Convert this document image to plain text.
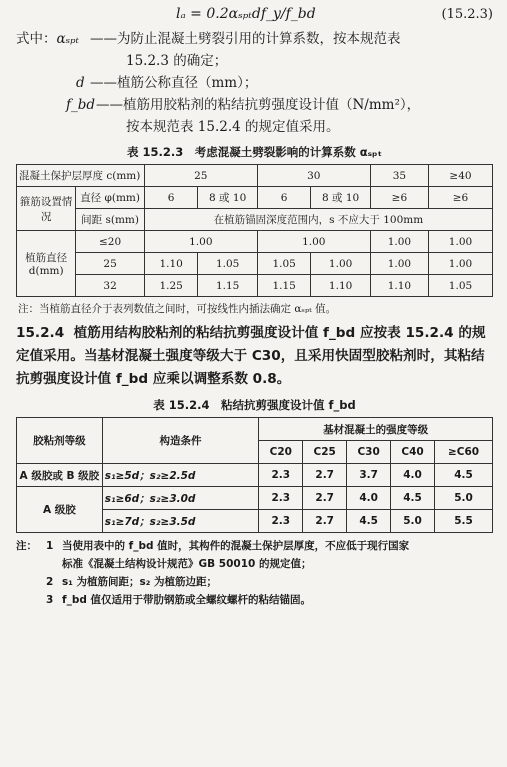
lₐ = 0.2αₛₚₜdf_y/f_bd	(15.2.3)
式中：αₛₚₜ ——为防止混凝土劈裂引用的计算系数，按本规范表
15.2.3 的确定；
d ——植筋公称直径（mm）；
f_bd ——植筋用胶粘剂的粘结抗剪强度设计值（N/mm²），
按本规范表 15.2.4 的规定值采用。
表 15.2.3　考虑混凝土劈裂影响的计算系数 αₛₚₜ
混凝土保护层厚度 c(mm)		25		30		35	≥40
箍筋设置情况	直径 φ(mm)	6	8 或 10	6	8 或 10	≥6	≥6
	间距 s(mm)	在植筋锚固深度范围内，s 不应大于 100mm					
植筋直径 d(mm)	≤20	1.00		1.00		1.00	1.00
	25	1.10	1.05	1.05	1.00	1.00	1.00
	32	1.25	1.15	1.15	1.10	1.10	1.05
注：当植筋直径介于表列数值之间时，可按线性内插法确定 αₛₚₜ 值。
15.2.4 植筋用结构胶粘剂的粘结抗剪强度设计值 f_bd 应按表 15.2.4 的规定值采用。当基材混凝土强度等级大于 C30，且采用快固型胶粘剂时，其粘结抗剪强度设计值 f_bd 应乘以调整系数 0.8。
表 15.2.4　粘结抗剪强度设计值 f_bd
胶粘剂等级	构造条件	基材混凝土的强度等级				
		C20	C25	C30	C40	≥C60
A 级胶或 B 级胶	s₁≥5d；s₂≥2.5d	2.3	2.7	3.7	4.0	4.5
A 级胶	s₁≥6d；s₂≥3.0d	2.3	2.7	4.0	4.5	5.0
	s₁≥7d；s₂≥3.5d	2.3	2.7	4.5	5.0	5.5
注： 1 当使用表中的 f_bd 值时，其构件的混凝土保护层厚度，不应低于现行国家
标准《混凝土结构设计规范》GB 50010 的规定值；
2 s₁ 为植筋间距；s₂ 为植筋边距；
3 f_bd 值仅适用于带肋钢筋或全螺纹螺杆的粘结锚固。
